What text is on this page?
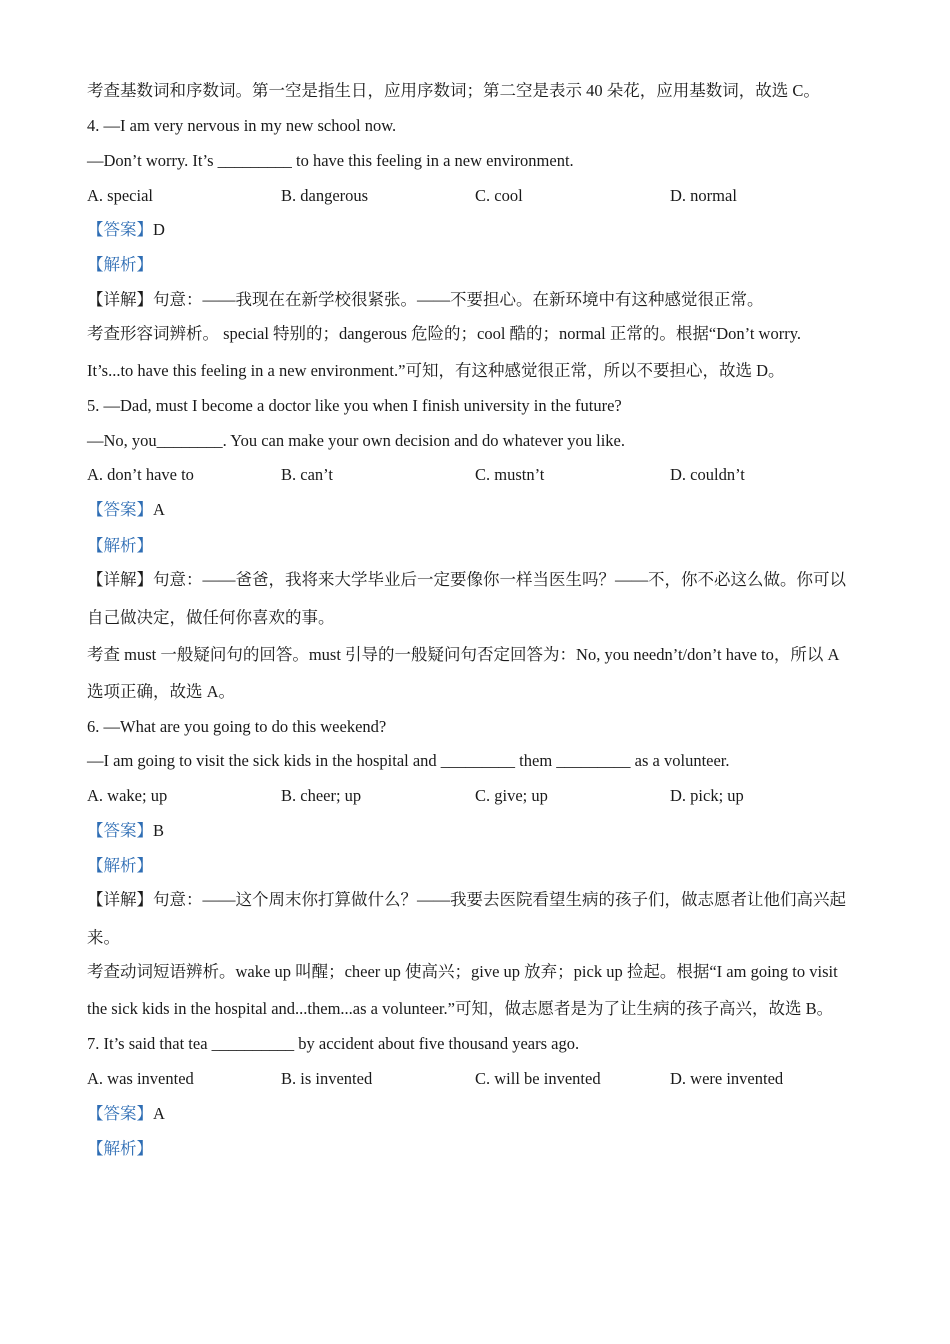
考查基数词和序数词。第一空是指生日，应用序数词；第二空是表示 40 朵花，应用基数词，故选 C。
4. —I am very nervous in my new school now.
—Don’t worry. It’s _________ to have this feeling in a new environment.
A. special	B. dangerous	C. cool	D. normal
【答案】D
【解析】
【详解】句意：——我现在在新学校很紧张。——不要担心。在新环境中有这种感觉很正常。
考查形容词辨析。 special 特别的；dangerous 危险的；cool 酷的；normal 正常的。根据“Don’t worry.
It’s...to have this feeling in a new environment.”可知，有这种感觉很正常，所以不要担心，故选 D。
5. —Dad, must I become a doctor like you when I finish university in the future?
—No, you________. You can make your own decision and do whatever you like.
A. don’t have to	B. can’t	C. mustn’t	D. couldn’t
【答案】A
【解析】
【详解】句意：——爸爸，我将来大学毕业后一定要像你一样当医生吗？——不，你不必这么做。你可以
自己做决定，做任何你喜欢的事。
考查 must 一般疑问句的回答。must 引导的一般疑问句否定回答为：No, you needn’t/don’t have to，所以 A
选项正确，故选 A。
6. —What are you going to do this weekend?
—I am going to visit the sick kids in the hospital and _________ them _________ as a volunteer.
A. wake; up	B. cheer; up	C. give; up	D. pick; up
【答案】B
【解析】
【详解】句意：——这个周末你打算做什么？——我要去医院看望生病的孩子们，做志愿者让他们高兴起
来。
考查动词短语辨析。wake up 叫醒；cheer up 使高兴；give up 放弃；pick up 捡起。根据“I am going to visit
the sick kids in the hospital and...them...as a volunteer.”可知，做志愿者是为了让生病的孩子高兴，故选 B。
7. It’s said that tea __________ by accident about five thousand years ago.
A. was invented	B. is invented	C. will be invented	D. were invented
【答案】A
【解析】
